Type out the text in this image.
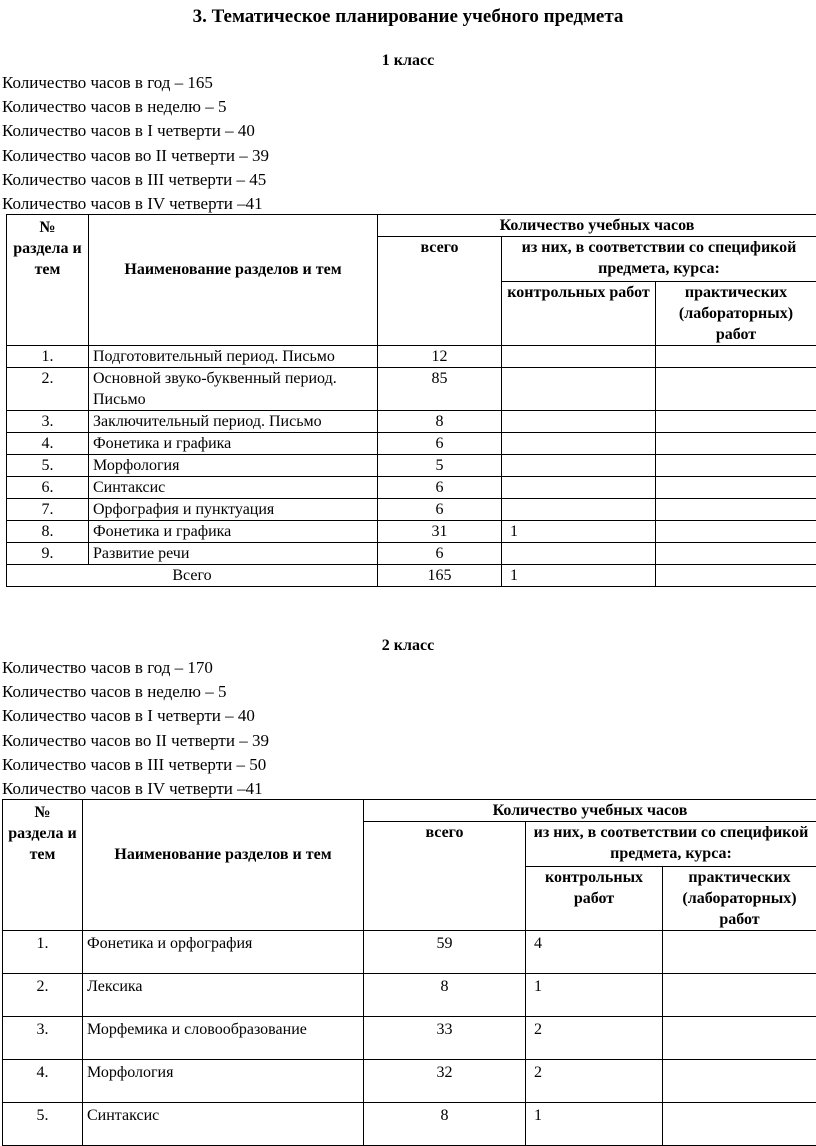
3. Тематическое планирование учебного предмета
1 класс
Количество часов в год – 165
Количество часов в неделю – 5
Количество часов в I четверти – 40
Количество часов во II четверти – 39
Количество часов в III четверти – 45
Количество часов в IV четверти –41
№ раздела и тем	Наименование разделов и тем	Количество учебных часов		
		всего	из них, в соответствии со спецификой предмета, курса:	
			контрольных работ	практических (лабораторных) работ
1.	Подготовительный период. Письмо	12		
2.	Основной звуко-буквенный период. Письмо	85		
3.	Заключительный период. Письмо	8		
4.	Фонетика и графика	6		
5.	Морфология	5		
6.	Синтаксис	6		
7.	Орфография и пунктуация	6		
8.	Фонетика и графика	31	1	
9.	Развитие речи	6		
Всего		165	1	
2 класс
Количество часов в год – 170
Количество часов в неделю – 5
Количество часов в I четверти – 40
Количество часов во II четверти – 39
Количество часов в III четверти – 50
Количество часов в IV четверти –41
№ раздела и тем	Наименование разделов и тем	Количество учебных часов		
		всего	из них, в соответствии со спецификой предмета, курса:	
			контрольных работ	практических (лабораторных) работ
1.	Фонетика и орфография	59	4	
2.	Лексика	8	1	
3.	Морфемика и словообразование	33	2	
4.	Морфология	32	2	
5.	Синтаксис	8	1	
